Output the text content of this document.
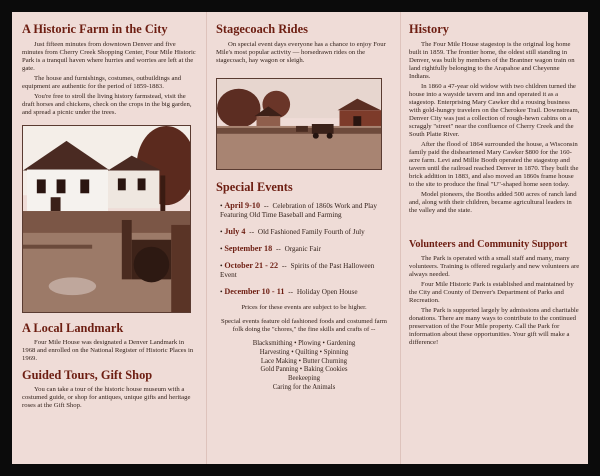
A Historic Farm in the City

Just fifteen minutes from downtown Denver and five minutes from Cherry Creek Shopping Center, Four Mile Historic Park is a tranquil haven where hurries and worries are left at the gate.

The house and furnishings, costumes, outbuildings and equipment are authentic for the period of 1859-1883.

You're free to stroll the living history farmstead, visit the draft horses and chickens, check on the crops in the big garden, and spread a picnic under the trees.

A Local Landmark

Four Mile House was designated a Denver Landmark in 1968 and enrolled on the National Register of Historic Places in 1969.

Guided Tours, Gift Shop

You can take a tour of the historic house museum with a costumed guide, or shop for antiques, unique gifts and heritage roses at the Gift Shop.

Stagecoach Rides

On special event days everyone has a chance to enjoy Four Mile's most popular activity — horsedrawn rides on the stagecoach, hay wagon or sleigh.

Special Events
• April 9-10 -- Celebration of 1860s Work and Play Featuring Old Time Baseball and Farming
• July 4 -- Old Fashioned Family Fourth of July
• September 18 -- Organic Fair
• October 21 - 22 -- Spirits of the Past Halloween Event
• December 10 - 11 -- Holiday Open House

Prices for these events are subject to be higher.

Special events feature old fashioned foods and costumed farm folk doing the "chores," the fine skills and crafts of --

Blacksmithing • Plowing • Gardening
Harvesting • Quilting • Spinning
Lace Making • Butter Churning
Gold Panning • Baking Cookies
Beekeeping
Caring for the Animals
History

The Four Mile House stagestop is the original log home built in 1859. The frontier home, the oldest still standing in Denver, was built by members of the Brantner wagon train on land rightfully belonging to the Arapahoe and Cheyenne Indians.

In 1860 a 47-year old widow with two children turned the house into a wayside tavern and inn and operated it as a stagestop. Enterprising Mary Cawker did a rousing business with gold-hungry travelers on the Cherokee Trail. Downstream, Denver City was just a collection of rough-hewn cabins on a scraggly "street" near the confluence of Cherry Creek and the South Platte River.

After the flood of 1864 surrounded the house, a Wisconsin family paid the disheartened Mary Cawker $800 for the 160-acre farm. Levi and Millie Booth operated the stagestop and tavern until the railroad reached Denver in 1870. They built the brick addition in 1883, and also moved an 1860s frame house to the site to produce the final "U"-shaped home seen today.

Model pioneers, the Booths added 500 acres of ranch land and, along with their children, became agricultural leaders in the valley and the state.

Volunteers and Community Support

The Park is operated with a small staff and many, many volunteers. Training is offered regularly and new volunteers are always needed.

Four Mile Historic Park is established and maintained by the City and County of Denver's Department of Parks and Recreation.

The Park is supported largely by admissions and charitable donations. There are many ways to contribute to the continued preservation of the Four Mile property. Call the Park for information about these opportunities. Your gift will make a difference!
